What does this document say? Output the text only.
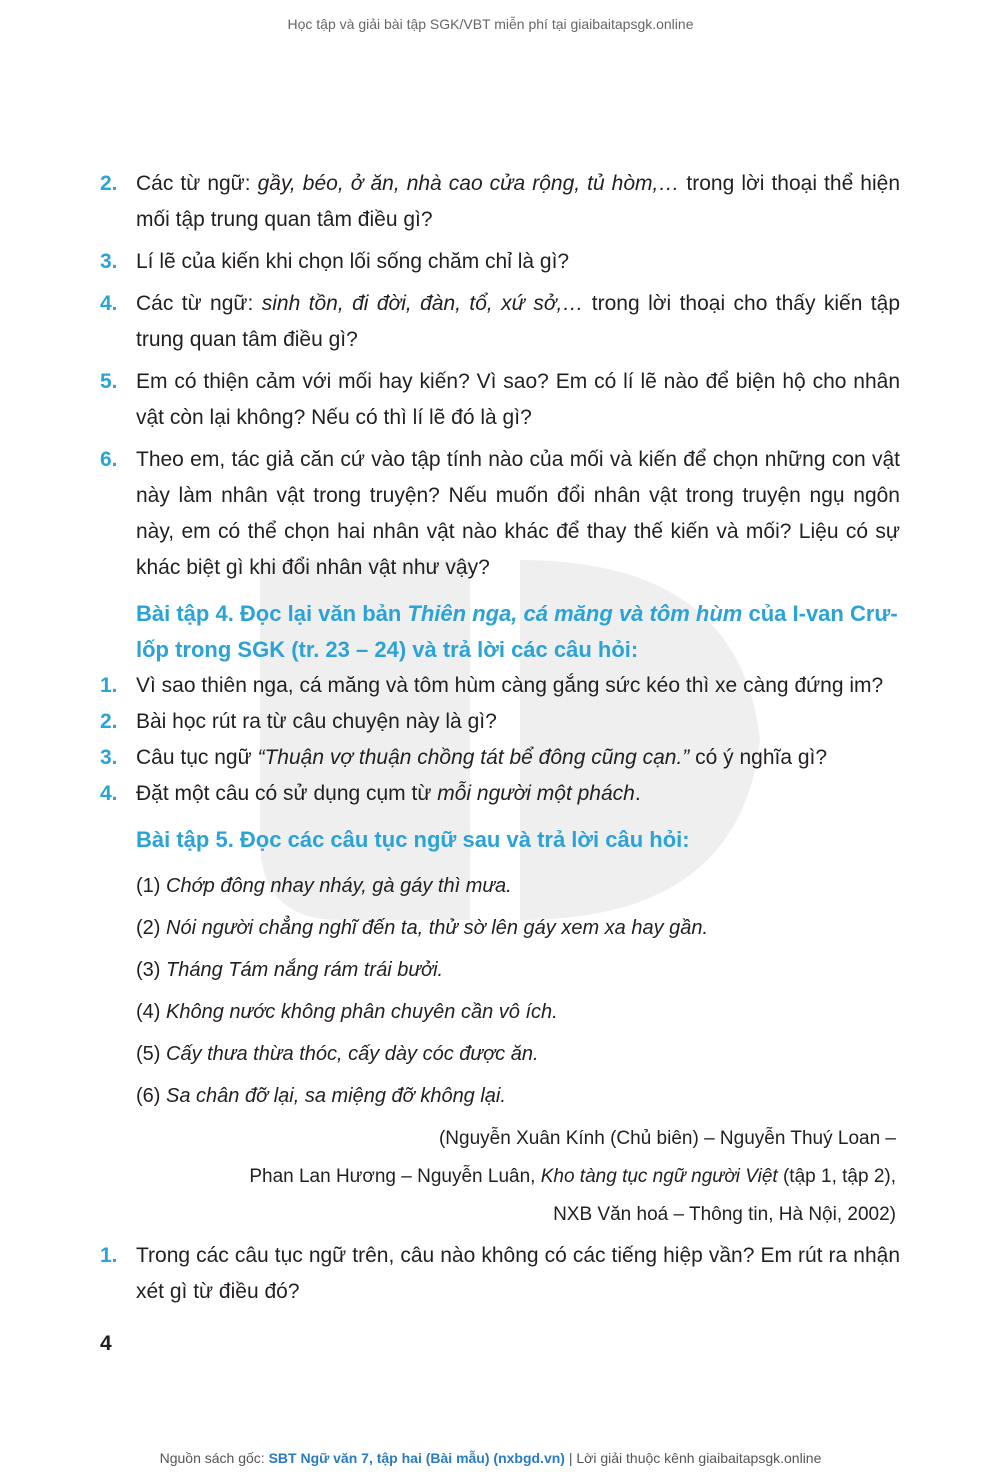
Học tập và giải bài tập SGK/VBT miễn phí tại giaibaitapsgk.online
2. Các từ ngữ: gầy, béo, ở ăn, nhà cao cửa rộng, tủ hòm,… trong lời thoại thể hiện mối tập trung quan tâm điều gì?
3. Lí lẽ của kiến khi chọn lối sống chăm chỉ là gì?
4. Các từ ngữ: sinh tồn, đi đời, đàn, tổ, xứ sở,… trong lời thoại cho thấy kiến tập trung quan tâm điều gì?
5. Em có thiện cảm với mối hay kiến? Vì sao? Em có lí lẽ nào để biện hộ cho nhân vật còn lại không? Nếu có thì lí lẽ đó là gì?
6. Theo em, tác giả căn cứ vào tập tính nào của mối và kiến để chọn những con vật này làm nhân vật trong truyện? Nếu muốn đổi nhân vật trong truyện ngụ ngôn này, em có thể chọn hai nhân vật nào khác để thay thế kiến và mối? Liệu có sự khác biệt gì khi đổi nhân vật như vậy?
Bài tập 4. Đọc lại văn bản Thiên nga, cá măng và tôm hùm của I-van Crư-lốp trong SGK (tr. 23 – 24) và trả lời các câu hỏi:
1. Vì sao thiên nga, cá măng và tôm hùm càng gắng sức kéo thì xe càng đứng im?
2. Bài học rút ra từ câu chuyện này là gì?
3. Câu tục ngữ “Thuận vợ thuận chồng tát bể đông cũng cạn.” có ý nghĩa gì?
4. Đặt một câu có sử dụng cụm từ mỗi người một phách.
Bài tập 5. Đọc các câu tục ngữ sau và trả lời câu hỏi:
(1) Chớp đông nhay nháy, gà gáy thì mưa.
(2) Nói người chẳng nghĩ đến ta, thử sờ lên gáy xem xa hay gần.
(3) Tháng Tám nắng rám trái bưởi.
(4) Không nước không phân chuyên cần vô ích.
(5) Cấy thưa thừa thóc, cấy dày cóc được ăn.
(6) Sa chân đỡ lại, sa miệng đỡ không lại.
(Nguyễn Xuân Kính (Chủ biên) – Nguyễn Thuý Loan –
Phan Lan Hương – Nguyễn Luân, Kho tàng tục ngữ người Việt (tập 1, tập 2),
NXB Văn hoá – Thông tin, Hà Nội, 2002)
1. Trong các câu tục ngữ trên, câu nào không có các tiếng hiệp vần? Em rút ra nhận xét gì từ điều đó?
4
Nguồn sách gốc: SBT Ngữ văn 7, tập hai (Bài mẫu) (nxbgd.vn) | Lời giải thuộc kênh giaibaitapsgk.online
